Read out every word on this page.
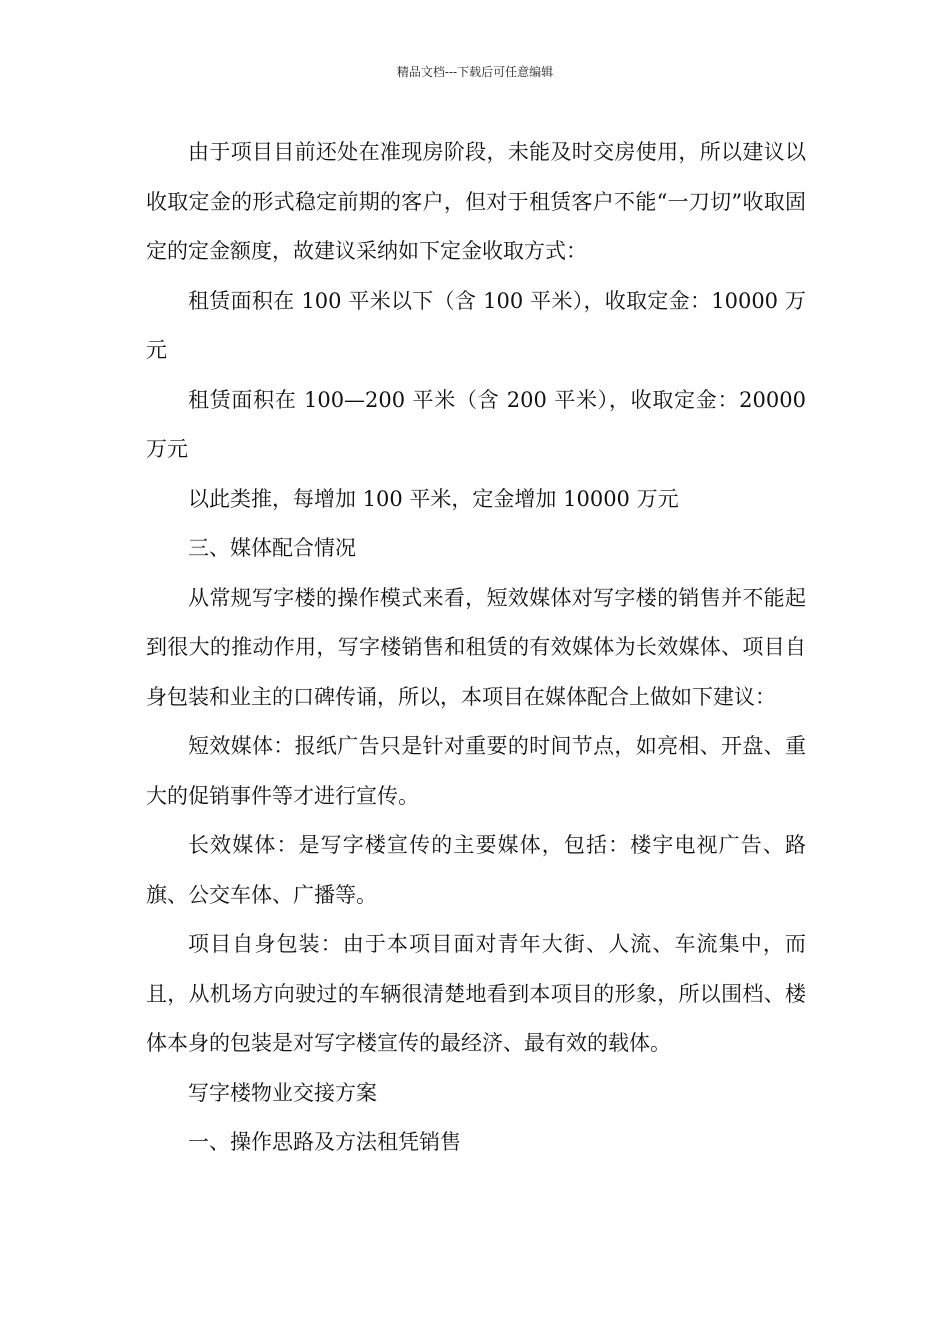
精品文档---下载后可任意编辑

由于项目目前还处在准现房阶段，未能及时交房使用，所以建议以收取定金的形式稳定前期的客户，但对于租赁客户不能“一刀切”收取固定的定金额度，故建议采纳如下定金收取方式：

租赁面积在 100 平米以下（含 100 平米），收取定金：10000 万元

租赁面积在 100—200 平米（含 200 平米），收取定金：20000 万元

以此类推，每增加 100 平米，定金增加 10000 万元

三、媒体配合情况

从常规写字楼的操作模式来看，短效媒体对写字楼的销售并不能起到很大的推动作用，写字楼销售和租赁的有效媒体为长效媒体、项目自身包装和业主的口碑传诵，所以，本项目在媒体配合上做如下建议：

短效媒体：报纸广告只是针对重要的时间节点，如亮相、开盘、重大的促销事件等才进行宣传。

长效媒体：是写字楼宣传的主要媒体，包括：楼宇电视广告、路旗、公交车体、广播等。

项目自身包装：由于本项目面对青年大街、人流、车流集中，而且，从机场方向驶过的车辆很清楚地看到本项目的形象，所以围档、楼体本身的包装是对写字楼宣传的最经济、最有效的载体。

写字楼物业交接方案

一、操作思路及方法租凭销售
